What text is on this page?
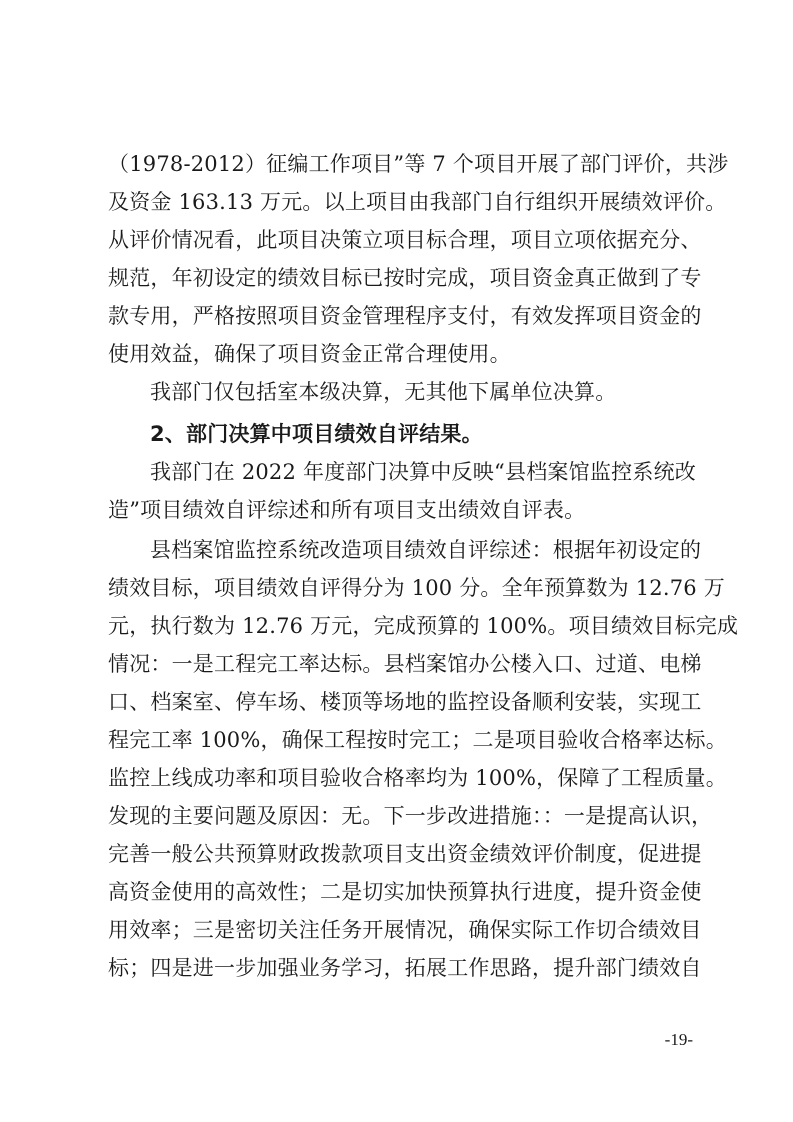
（1978-2012）征编工作项目”等 7 个项目开展了部门评价，共涉
及资金 163.13 万元。以上项目由我部门自行组织开展绩效评价。
从评价情况看，此项目决策立项目标合理，项目立项依据充分、
规范，年初设定的绩效目标已按时完成，项目资金真正做到了专
款专用，严格按照项目资金管理程序支付，有效发挥项目资金的
使用效益，确保了项目资金正常合理使用。
我部门仅包括室本级决算，无其他下属单位决算。
2、部门决算中项目绩效自评结果。
我部门在 2022 年度部门决算中反映“县档案馆监控系统改
造”项目绩效自评综述和所有项目支出绩效自评表。
县档案馆监控系统改造项目绩效自评综述：根据年初设定的
绩效目标，项目绩效自评得分为 100 分。全年预算数为 12.76 万
元，执行数为 12.76 万元，完成预算的 100%。项目绩效目标完成
情况：一是工程完工率达标。县档案馆办公楼入口、过道、电梯
口、档案室、停车场、楼顶等场地的监控设备顺利安装，实现工
程完工率 100%，确保工程按时完工；二是项目验收合格率达标。
监控上线成功率和项目验收合格率均为 100%，保障了工程质量。
发现的主要问题及原因：无。下一步改进措施：：一是提高认识，
完善一般公共预算财政拨款项目支出资金绩效评价制度，促进提
高资金使用的高效性；二是切实加快预算执行进度，提升资金使
用效率；三是密切关注任务开展情况，确保实际工作切合绩效目
标；四是进一步加强业务学习，拓展工作思路，提升部门绩效自
-19-
